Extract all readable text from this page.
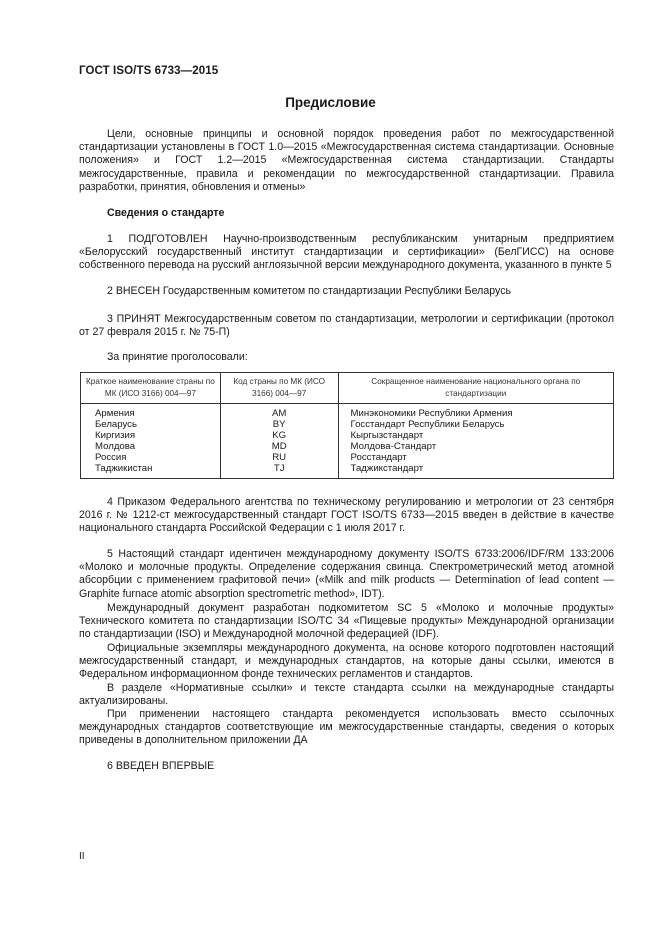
ГОСТ ISO/TS 6733—2015
Предисловие

Цели, основные принципы и основной порядок проведения работ по межгосударственной стандартизации установлены в ГОСТ 1.0—2015 «Межгосударственная система стандартизации. Основные положения» и ГОСТ 1.2—2015 «Межгосударственная система стандартизации. Стандарты межгосударственные, правила и рекомендации по межгосударственной стандартизации. Правила разработки, принятия, обновления и отмены»

Сведения о стандарте

1 ПОДГОТОВЛЕН Научно-производственным республиканским унитарным предприятием «Белорусский государственный институт стандартизации и сертификации» (БелГИСС) на основе собственного перевода на русский англоязычной версии международного документа, указанного в пункте 5

2 ВНЕСЕН Государственным комитетом по стандартизации Республики Беларусь

3 ПРИНЯТ Межгосударственным советом по стандартизации, метрологии и сертификации (протокол от 27 февраля 2015 г. № 75-П)

За принятие проголосовали:

Краткое наименование страны по МК (ИСО 3166) 004—97	Код страны по МК (ИСО 3166) 004—97	Сокращенное наименование национального органа по стандартизации
Армения	AM	Минэкономики Республики Армения
Беларусь	BY	Госстандарт Республики Беларусь
Киргизия	KG	Кыргызстандарт
Молдова	MD	Молдова-Стандарт
Россия	RU	Росстандарт
Таджикистан	TJ	Таджикстандарт

4 Приказом Федерального агентства по техническому регулированию и метрологии от 23 сентября 2016 г. № 1212-ст межгосударственный стандарт ГОСТ ISO/TS 6733—2015 введен в действие в качестве национального стандарта Российской Федерации с 1 июля 2017 г.

5 Настоящий стандарт идентичен международному документу ISO/TS 6733:2006/IDF/RM 133:2006 «Молоко и молочные продукты. Определение содержания свинца. Спектрометрический метод атомной абсорбции с применением графитовой печи» («Milk and milk products — Determination of lead content — Graphite furnace atomic absorption spectrometric method», IDT).

Международный документ разработан подкомитетом SC 5 «Молоко и молочные продукты» Технического комитета по стандартизации ISO/TC 34 «Пищевые продукты» Международной организации по стандартизации (ISO) и Международной молочной федерацией (IDF).

Официальные экземпляры международного документа, на основе которого подготовлен настоящий межгосударственный стандарт, и международных стандартов, на которые даны ссылки, имеются в Федеральном информационном фонде технических регламентов и стандартов.

В разделе «Нормативные ссылки» и тексте стандарта ссылки на международные стандарты актуализированы.

При применении настоящего стандарта рекомендуется использовать вместо ссылочных международных стандартов соответствующие им межгосударственные стандарты, сведения о которых приведены в дополнительном приложении ДА

6 ВВЕДЕН ВПЕРВЫЕ

II
